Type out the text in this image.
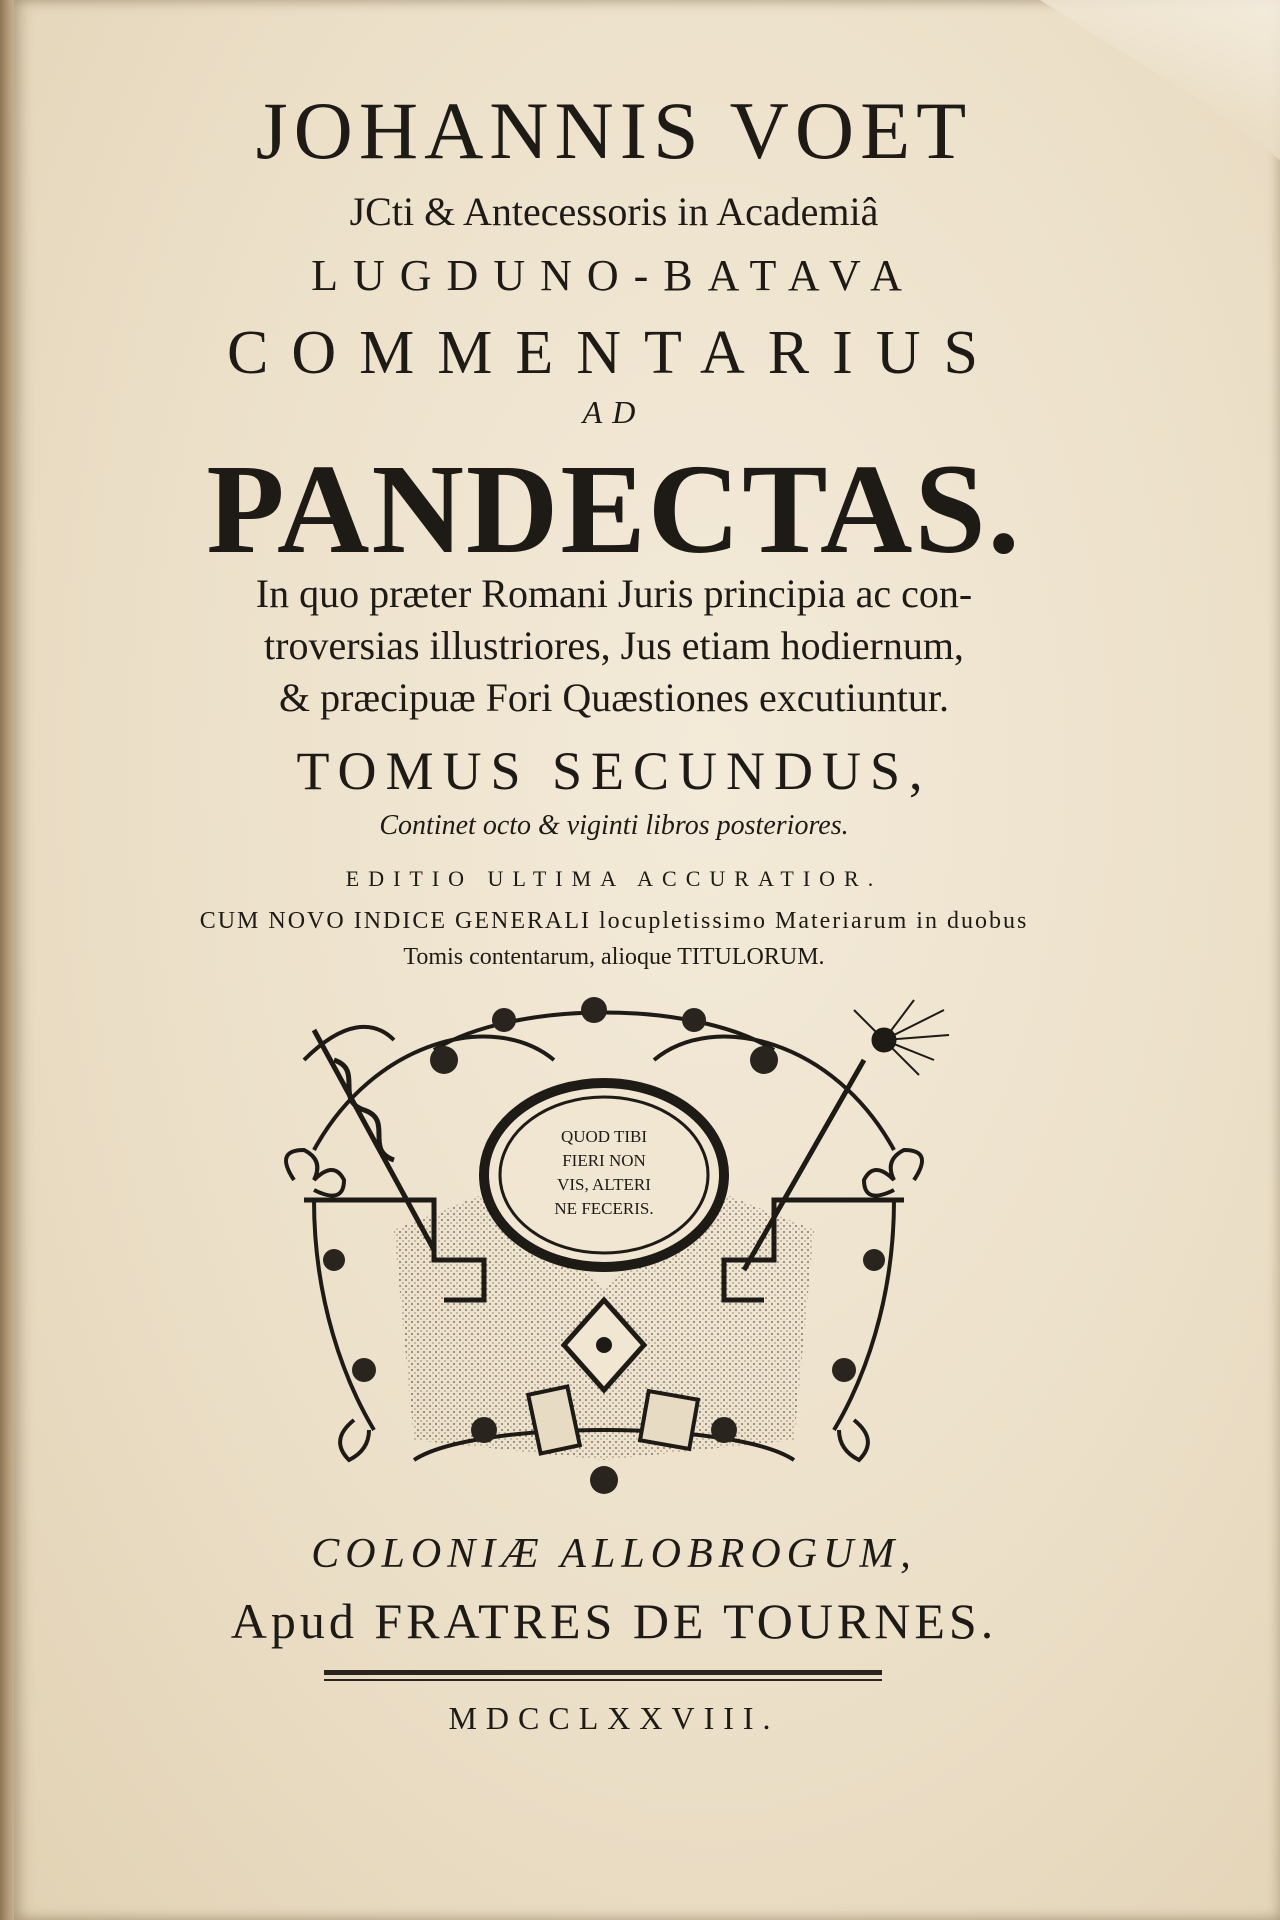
JOHANNIS VOET
JCti & Antecessoris in Academiâ
LUGDUNO-BATAVA
COMMENTARIUS
AD
PANDECTAS.
In quo præter Romani Juris principia ac con-
troversias illustriores, Jus etiam hodiernum,
& præcipuæ Fori Quæstiones excutiuntur.
TOMUS SECUNDUS,
Continet octo & viginti libros posteriores.
EDITIO ULTIMA ACCURATIOR.
CUM NOVO INDICE GENERALI locupletissimo Materiarum in duobus
Tomis contentarum, alioque TITULORUM.
QUOD TIBI
FIERI NON
VIS, ALTERI
NE FECERIS.
COLONIÆ ALLOBROGUM,
Apud FRATRES DE TOURNES.
MDCCLXXVIII.
